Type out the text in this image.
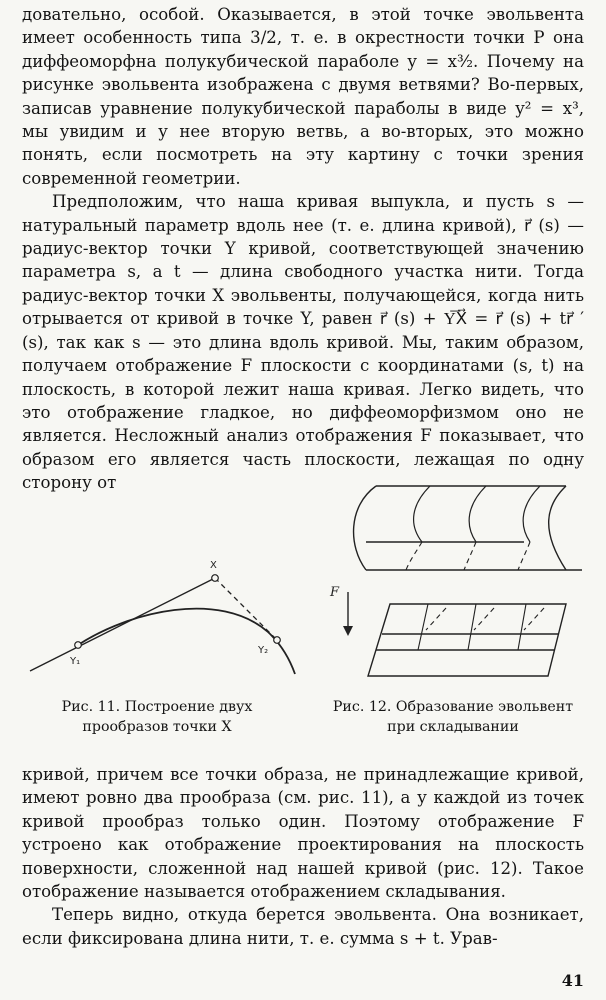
довательно, особой. Оказывается, в этой точке эвольвента имеет особенность типа 3/2, т. е. в окрестности точки P она диффеоморфна полукубической параболе y = x³⁄₂. Почему на рисунке эвольвента изображена с двумя ветвями? Во-первых, записав уравнение полукубической параболы в виде y² = x³, мы увидим и у нее вторую ветвь, а во-вторых, это можно понять, если посмотреть на эту картину с точки зрения современной геометрии.

Предположим, что наша кривая выпукла, и пусть s — натуральный параметр вдоль нее (т. е. длина кривой), r⃗ (s) — радиус-вектор точки Y кривой, соответствующей значению параметра s, а t — длина свободного участка нити. Тогда радиус-вектор точки X эвольвенты, получающейся, когда нить отрывается от кривой в точке Y, равен r⃗ (s) + Y͞X⃗ = r⃗ (s) + tr⃗ ′ (s), так как s — это длина вдоль кривой. Мы, таким образом, получаем отображение F плоскости с координатами (s, t) на плоскость, в которой лежит наша кривая. Легко видеть, что это отображение гладкое, но диффеоморфизмом оно не является. Несложный анализ отображения F показывает, что образом его является часть плоскости, лежащая по одну сторону от

X
Y₁
Y₂
F
Рис. 11. Построение двух прообразов точки X
Рис. 12. Образование эвольвент при складывании

кривой, причем все точки образа, не принадлежащие кривой, имеют ровно два прообраза (см. рис. 11), а у каждой из точек кривой прообраз только один. Поэтому отображение F устроено как отображение проектирования на плоскость поверхности, сложенной над нашей кривой (рис. 12). Такое отображение называется отображением складывания.

Теперь видно, откуда берется эвольвента. Она возникает, если фиксирована длина нити, т. е. сумма s + t. Урав-

41
